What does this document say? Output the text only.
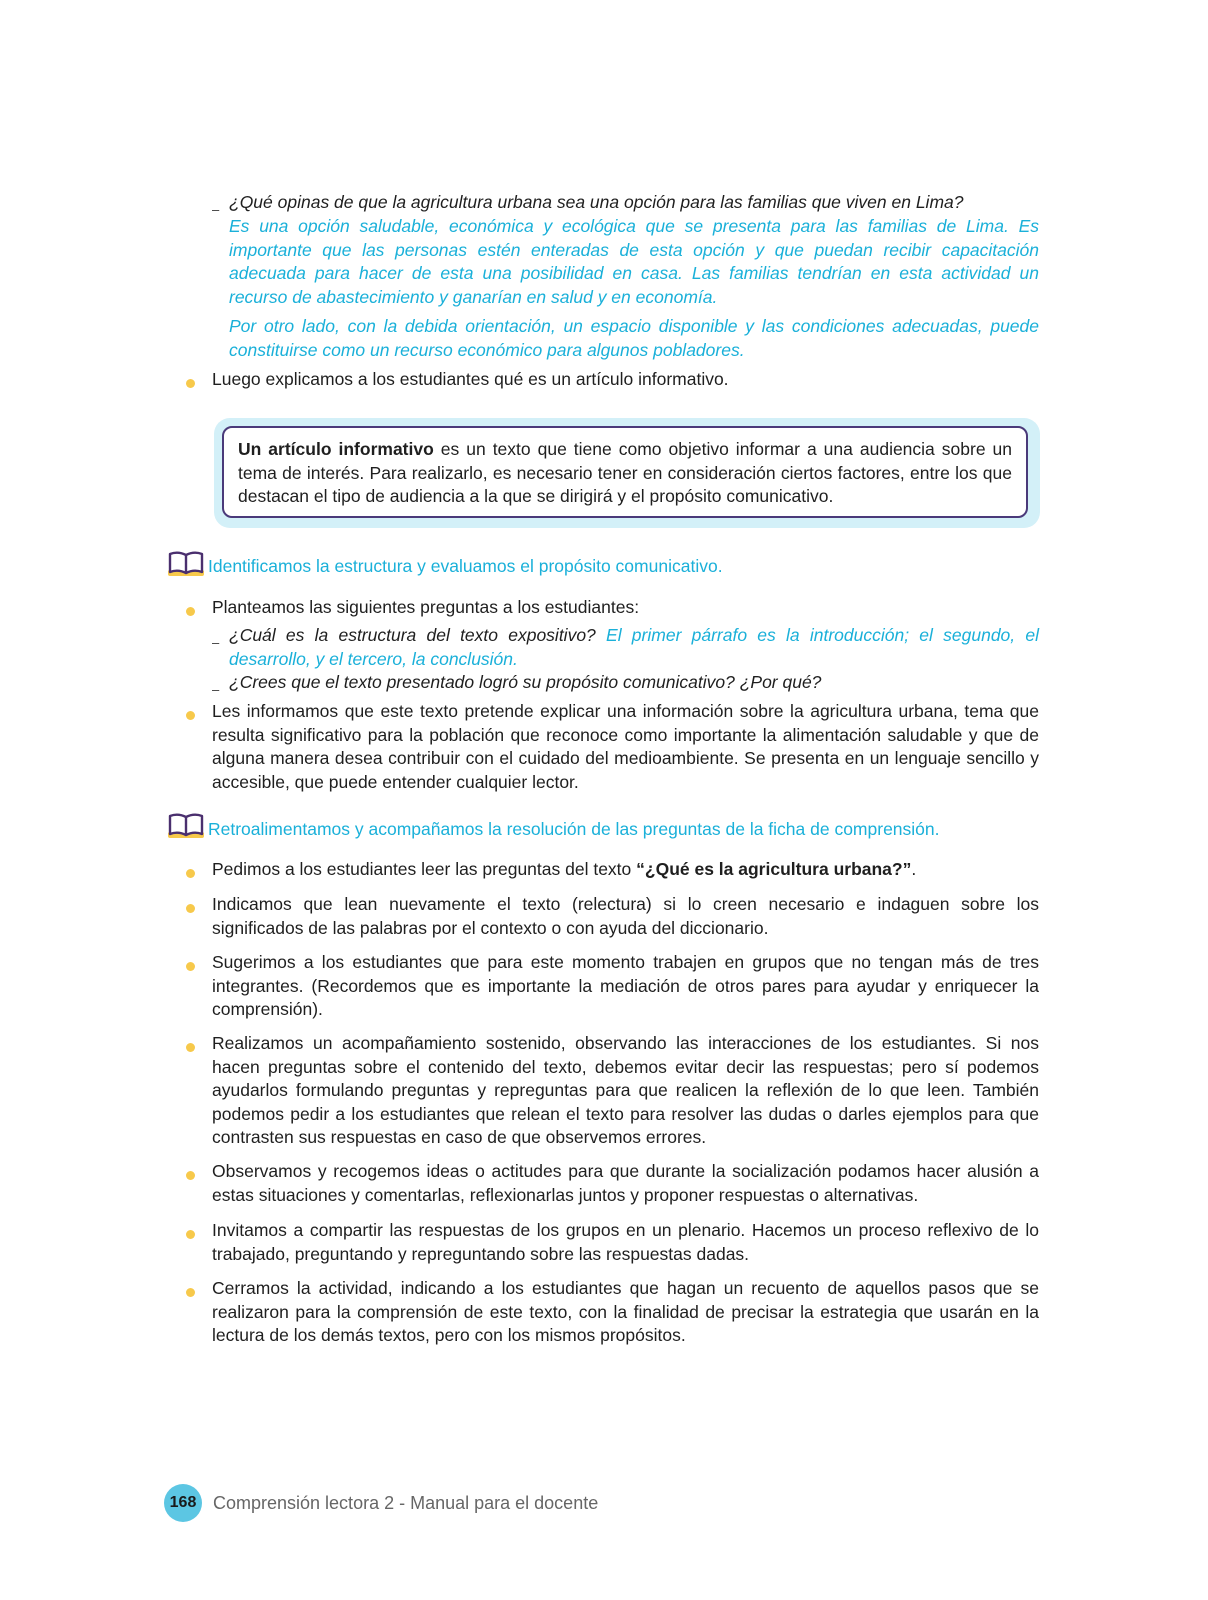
– ¿Qué opinas de que la agricultura urbana sea una opción para las familias que viven en Lima?
Es una opción saludable, económica y ecológica que se presenta para las familias de Lima. Es importante que las personas estén enteradas de esta opción y que puedan recibir capacitación adecuada para hacer de esta una posibilidad en casa. Las familias tendrían en esta actividad un recurso de abastecimiento y ganarían en salud y en economía.
Por otro lado, con la debida orientación, un espacio disponible y las condiciones adecuadas, puede constituirse como un recurso económico para algunos pobladores.
Luego explicamos a los estudiantes qué es un artículo informativo.
Un artículo informativo es un texto que tiene como objetivo informar a una audiencia sobre un tema de interés. Para realizarlo, es necesario tener en consideración ciertos factores, entre los que destacan el tipo de audiencia a la que se dirigirá y el propósito comunicativo.
Identificamos la estructura y evaluamos el propósito comunicativo.
Planteamos las siguientes preguntas a los estudiantes:
– ¿Cuál es la estructura del texto expositivo? El primer párrafo es la introducción; el segundo, el desarrollo, y el tercero, la conclusión.
– ¿Crees que el texto presentado logró su propósito comunicativo? ¿Por qué?
Les informamos que este texto pretende explicar una información sobre la agricultura urbana, tema que resulta significativo para la población que reconoce como importante la alimentación saludable y que de alguna manera desea contribuir con el cuidado del medioambiente. Se presenta en un lenguaje sencillo y accesible, que puede entender cualquier lector.
Retroalimentamos y acompañamos la resolución de las preguntas de la ficha de comprensión.
Pedimos a los estudiantes leer las preguntas del texto “¿Qué es la agricultura urbana?”.
Indicamos que lean nuevamente el texto (relectura) si lo creen necesario e indaguen sobre los significados de las palabras por el contexto o con ayuda del diccionario.
Sugerimos a los estudiantes que para este momento trabajen en grupos que no tengan más de tres integrantes. (Recordemos que es importante la mediación de otros pares para ayudar y enriquecer la comprensión).
Realizamos un acompañamiento sostenido, observando las interacciones de los estudiantes. Si nos hacen preguntas sobre el contenido del texto, debemos evitar decir las respuestas; pero sí podemos ayudarlos formulando preguntas y repreguntas para que realicen la reflexión de lo que leen. También podemos pedir a los estudiantes que relean el texto para resolver las dudas o darles ejemplos para que contrasten sus respuestas en caso de que observemos errores.
Observamos y recogemos ideas o actitudes para que durante la socialización podamos hacer alusión a estas situaciones y comentarlas, reflexionarlas juntos y proponer respuestas o alternativas.
Invitamos a compartir las respuestas de los grupos en un plenario. Hacemos un proceso reflexivo de lo trabajado, preguntando y repreguntando sobre las respuestas dadas.
Cerramos la actividad, indicando a los estudiantes que hagan un recuento de aquellos pasos que se realizaron para la comprensión de este texto, con la finalidad de precisar la estrategia que usarán en la lectura de los demás textos, pero con los mismos propósitos.
168 Comprensión lectora 2 - Manual para el docente
